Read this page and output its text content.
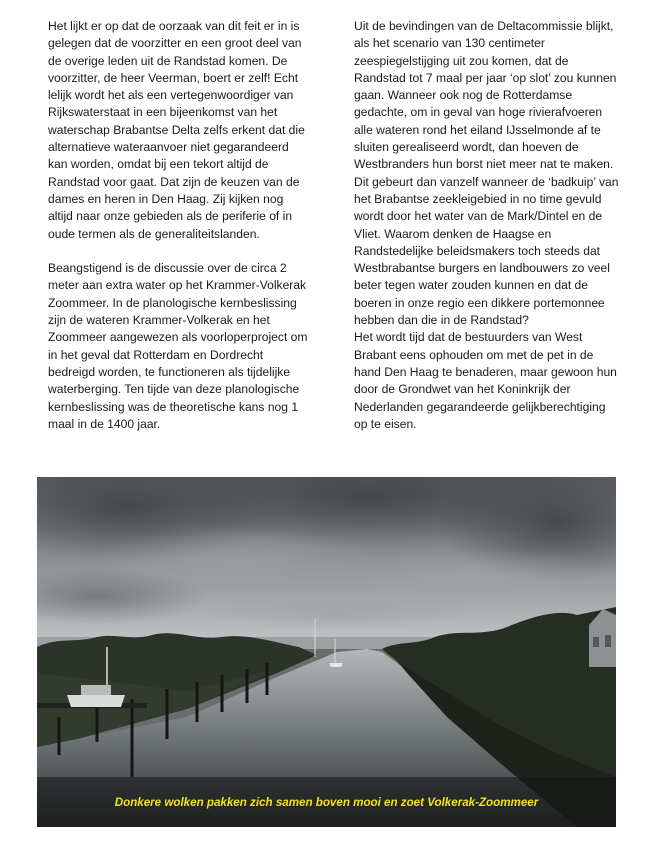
Het lijkt er op dat de oorzaak van dit feit er in is gelegen dat de voorzitter en een groot deel van de overige leden uit de Randstad komen. De voorzitter, de heer Veerman, boert er zelf! Echt lelijk wordt het als een vertegenwoordiger van Rijkswaterstaat in een bijeenkomst van het waterschap Brabantse Delta zelfs erkent dat die alternatieve wateraanvoer niet gegarandeerd kan worden, omdat bij een tekort altijd de Randstad voor gaat. Dat zijn de keuzen van de dames en heren in Den Haag. Zij kijken nog altijd naar onze gebieden als de periferie of in oude termen als de generaliteitslanden.

Beangstigend is de discussie over de circa 2 meter aan extra water op het Krammer-Volkerak Zoommeer. In de planologische kernbeslissing zijn de wateren Krammer-Volkerak en het Zoommeer aangewezen als voorloperproject om in het geval dat Rotterdam en Dordrecht bedreigd worden, te functioneren als tijdelijke waterberging. Ten tijde van deze planologische kernbeslissing was de theoretische kans nog 1 maal in de 1400 jaar.

Uit de bevindingen van de Deltacommissie blijkt, als het scenario van 130 centimeter zeespiegelstijging uit zou komen, dat de Randstad tot 7 maal per jaar ‘op slot’ zou kunnen gaan. Wanneer ook nog de Rotterdamse gedachte, om in geval van hoge rivierafvoeren alle wateren rond het eiland IJsselmonde af te sluiten gerealiseerd wordt, dan hoeven de Westbranders hun borst niet meer nat te maken. Dit gebeurt dan vanzelf wanneer de ‘badkuip’ van het Brabantse zeekleigebied in no time gevuld wordt door het water van de Mark/Dintel en de Vliet. Waarom denken de Haagse en Randstedelijke beleidsmakers toch steeds dat Westbrabantse burgers en landbouwers zo veel beter tegen water zouden kunnen en dat de boeren in onze regio een dikkere portemonnee hebben dan die in de Randstad?

Het wordt tijd dat de bestuurders van West Brabant eens ophouden om met de pet in de hand Den Haag te benaderen, maar gewoon hun door de Grondwet van het Koninkrijk der Nederlanden gegarandeerde gelijkberechtiging op te eisen.

Donkere wolken pakken zich samen boven mooi en zoet Volkerak-Zoommeer
